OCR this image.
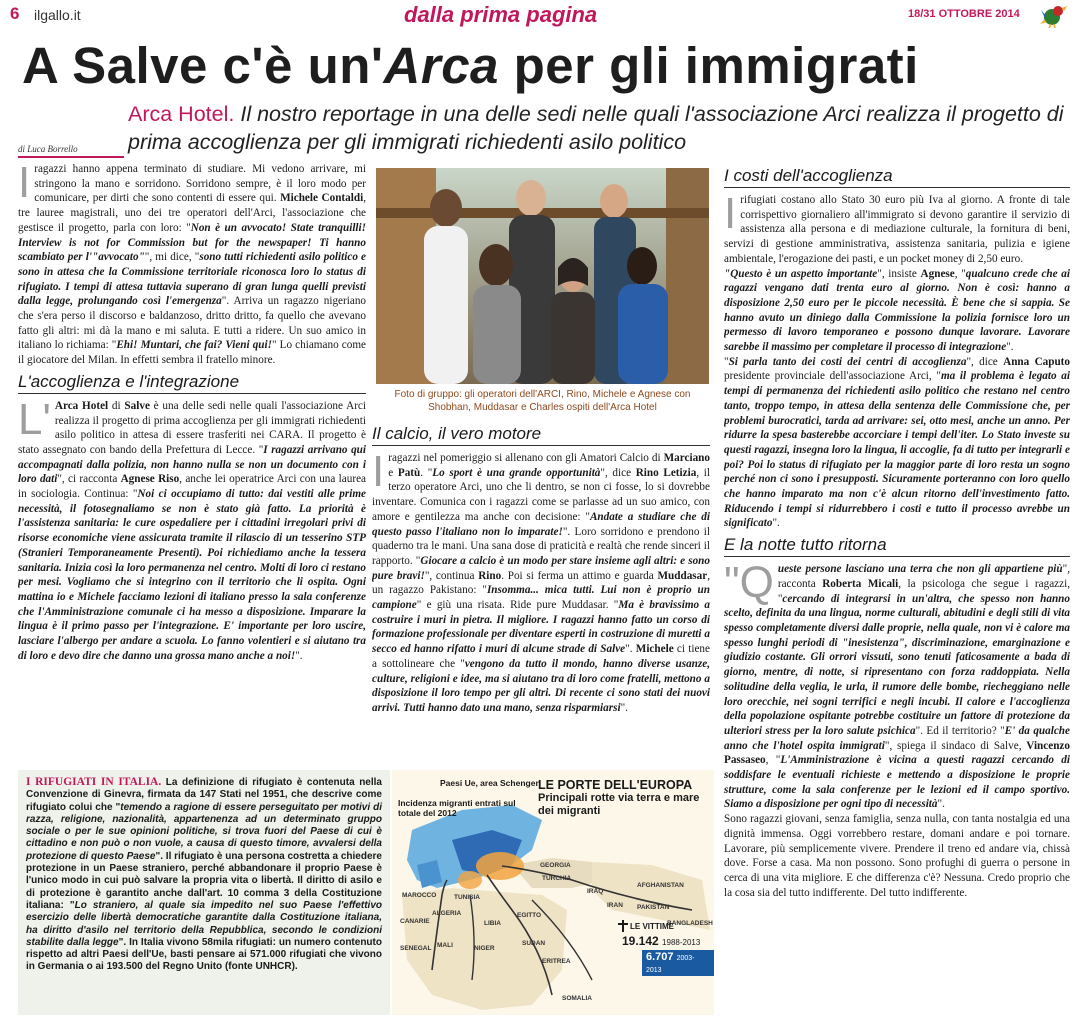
6 ilgallo.it	dalla prima pagina	18/31 OTTOBRE 2014
A Salve c'è un'Arca per gli immigrati
Arca Hotel. Il nostro reportage in una delle sedi nelle quali l'associazione Arci realizza il progetto di prima accoglienza per gli immigrati richiedenti asilo politico
di Luca Borrello

Iragazzi hanno appena terminato di studiare. Mi vedono arrivare, mi stringono la mano e sorridono. Sorridono sempre, è il loro modo per comunicare, per dirti che sono contenti di essere qui. Michele Contaldi, tre lauree magistrali, uno dei tre operatori dell'Arci, l'associazione che gestisce il progetto, parla con loro: "Non è un avvocato! State tranquilli! Interview is not for Commission but for the newspaper! Ti hanno scambiato per l'"avvocato"", mi dice, "sono tutti richiedenti asilo politico e sono in attesa che la Commissione territoriale riconosca loro lo status di rifugiato. I tempi di attesa tuttavia superano di gran lunga quelli previsti dalla legge, prolungando così l'emergenza". Arriva un ragazzo nigeriano che s'era perso il discorso e baldanzoso, dritto dritto, fa quello che avevano fatto gli altri: mi dà la mano e mi saluta. E tutti a ridere. Un suo amico in italiano lo richiama: "Ehi! Muntari, che fai? Vieni qui!" Lo chiamano come il giocatore del Milan. In effetti sembra il fratello minore.

L'accoglienza e l'integrazione

L' Arca Hotel di Salve è una delle sedi nelle quali l'associazione Arci realizza il progetto di prima accoglienza per gli immigrati richiedenti asilo politico in attesa di essere trasferiti nei CARA. Il progetto è stato assegnato con bando della Prefettura di Lecce. "I ragazzi arrivano qui accompagnati dalla polizia, non hanno nulla se non un documento con i loro dati", ci racconta Agnese Riso, anche lei operatrice Arci con una laurea in sociologia. Continua: "Noi ci occupiamo di tutto: dai vestiti alle prime necessità, il fotosegnaliamo se non è stato già fatto. La priorità è l'assistenza sanitaria: le cure ospedaliere per i cittadini irregolari privi di risorse economiche viene assicurata tramite il rilascio di un tesserino STP (Stranieri Temporaneamente Presenti). Poi richiediamo anche la tessera sanitaria. Inizia così la loro permanenza nel centro. Molti di loro ci restano per mesi. Vogliamo che si integrino con il territorio che li ospita. Ogni mattina io e Michele facciamo lezioni di italiano presso la sala conferenze che l'Amministrazione comunale ci ha messo a disposizione. Imparare la lingua è il primo passo per l'integrazione. E' importante per loro uscire, lasciare l'albergo per andare a scuola. Lo fanno volentieri e si aiutano tra di loro e devo dire che danno una grossa mano anche a noi!".

Foto di gruppo: gli operatori dell'ARCI, Rino, Michele e Agnese con Shobhan, Muddasar e Charles ospiti dell'Arca Hotel
Il calcio, il vero motore

Iragazzi nel pomeriggio si allenano con gli Amatori Calcio di Marciano e Patù. "Lo sport è una grande opportunità", dice Rino Letizia, il terzo operatore Arci, uno che li dentro, se non ci fosse, lo si dovrebbe inventare. Comunica con i ragazzi come se parlasse ad un suo amico, con amore e gentilezza ma anche con decisione: "Andate a studiare che di questo passo l'italiano non lo imparate!". Loro sorridono e prendono il quaderno tra le mani. Una sana dose di praticità e realtà che rende sinceri il rapporto. "Giocare a calcio è un modo per stare insieme agli altri: e sono pure bravi!", continua Rino. Poi si ferma un attimo e guarda Muddasar, un ragazzo Pakistano: "Insomma... mica tutti. Lui non è proprio un campione" e giù una risata. Ride pure Muddasar. "Ma è bravissimo a costruire i muri in pietra. Il migliore. I ragazzi hanno fatto un corso di formazione professionale per diventare esperti in costruzione di muretti a secco ed hanno rifatto i muri di alcune strade di Salve". Michele ci tiene a sottolineare che "vengono da tutto il mondo, hanno diverse usanze, culture, religioni e idee, ma si aiutano tra di loro come fratelli, mettono a disposizione il loro tempo per gli altri. Di recente ci sono stati dei nuovi arrivi. Tutti hanno dato una mano, senza risparmiarsi".

I RIFUGIATI IN ITALIA. La definizione di rifugiato è contenuta nella Convenzione di Ginevra, firmata da 147 Stati nel 1951, che descrive come rifugiato colui che "temendo a ragione di essere perseguitato per motivi di razza, religione, nazionalità, appartenenza ad un determinato gruppo sociale o per le sue opinioni politiche, si trova fuori del Paese di cui è cittadino e non può o non vuole, a causa di questo timore, avvalersi della protezione di questo Paese". Il rifugiato è una persona costretta a chiedere protezione in un Paese straniero, perché abbandonare il proprio Paese è l'unico modo in cui può salvare la propria vita o libertà. Il diritto di asilo e di protezione è garantito anche dall'art. 10 comma 3 della Costituzione italiana: "Lo straniero, al quale sia impedito nel suo Paese l'effettivo esercizio delle libertà democratiche garantite dalla Costituzione italiana, ha diritto d'asilo nel territorio della Repubblica, secondo le condizioni stabilite dalla legge". In Italia vivono 58mila rifugiati: un numero contenuto rispetto ad altri Paesi dell'Ue, basti pensare ai 571.000 rifugiati che vivono in Germania o ai 193.500 del Regno Unito (fonte UNHCR).
Paesi Ue, area Schengen
Incidenza migranti entrati sul totale del 2012
LE PORTE DELL'EUROPA
Principali rotte via terra e mare dei migranti
MAROCCO
ALGERIA
LIBIA
EGITTO
TUNISIA
TURCHIA
GEORGIA
IRAQ
IRAN
AFGHANISTAN
PAKISTAN
BANGLADESH
SUDAN
MALI	NIGER
ERITREA
SOMALIA
SENEGAL
CANARIE
LE VITTIME
19.142 1988-2013
6.707 2003-2013
I costi dell'accoglienza

Irifugiati costano allo Stato 30 euro più Iva al giorno. A fronte di tale corrispettivo giornaliero all'immigrato si devono garantire il servizio di assistenza alla persona e di mediazione culturale, la fornitura di beni, servizi di gestione amministrativa, assistenza sanitaria, pulizia e igiene ambientale, l'erogazione dei pasti, e un pocket money di 2,50 euro.

"Questo è un aspetto importante", insiste Agnese, "qualcuno crede che ai ragazzi vengano dati trenta euro al giorno. Non è così: hanno a disposizione 2,50 euro per le piccole necessità. È bene che si sappia. Se hanno avuto un diniego dalla Commissione la polizia fornisce loro un permesso di lavoro temporaneo e possono dunque lavorare. Lavorare sarebbe il massimo per completare il processo di integrazione".

"Si parla tanto dei costi dei centri di accoglienza", dice Anna Caputo presidente provinciale dell'associazione Arci, "ma il problema è legato ai tempi di permanenza dei richiedenti asilo politico che restano nel centro tanto, troppo tempo, in attesa della sentenza delle Commissione che, per problemi burocratici, tarda ad arrivare: sei, otto mesi, anche un anno. Per ridurre la spesa basterebbe accorciare i tempi dell'iter. Lo Stato investe su questi ragazzi, insegna loro la lingua, li accoglie, fa di tutto per integrarli e poi? Poi lo status di rifugiato per la maggior parte di loro resta un sogno perché non ci sono i presupposti. Sicuramente porteranno con loro quello che hanno imparato ma non c'è alcun ritorno dell'investimento fatto. Riducendo i tempi si ridurrebbero i costi e tutto il processo avrebbe un significato".

E la notte tutto ritorna

"Queste persone lasciano una terra che non gli appartiene più", racconta Roberta Micali, la psicologa che segue i ragazzi, "cercando di integrarsi in un'altra, che spesso non hanno scelto, definita da una lingua, norme culturali, abitudini e degli stili di vita spesso completamente diversi dalle proprie, nella quale, non vi è calore ma spesso lunghi periodi di "inesistenza", discriminazione, emarginazione e giudizio costante. Gli orrori vissuti, sono tenuti faticosamente a bada di giorno, mentre, di notte, si ripresentano con forza raddoppiata. Nella solitudine della veglia, le urla, il rumore delle bombe, riecheggiano nelle loro orecchie, nei sogni terrifici e negli incubi. Il calore e l'accoglienza della popolazione ospitante potrebbe costituire un fattore di protezione da ulteriori stress per la loro salute psichica". Ed il territorio? "E' da qualche anno che l'hotel ospita immigrati", spiega il sindaco di Salve, Vincenzo Passaseo, "L'Amministrazione è vicina a questi ragazzi cercando di soddisfare le eventuali richieste e mettendo a disposizione le proprie strutture, come la sala conferenze per le lezioni ed il campo sportivo. Siamo a disposizione per ogni tipo di necessità".

Sono ragazzi giovani, senza famiglia, senza nulla, con tanta nostalgia ed una dignità immensa. Oggi vorrebbero restare, domani andare e poi tornare. Lavorare, più semplicemente vivere. Prendere il treno ed andare via, chissà dove. Forse a casa. Ma non possono. Sono profughi di guerra o persone in cerca di una vita migliore. E che differenza c'è? Nessuna. Credo proprio che la cosa sia del tutto indifferente. Del tutto indifferente.
